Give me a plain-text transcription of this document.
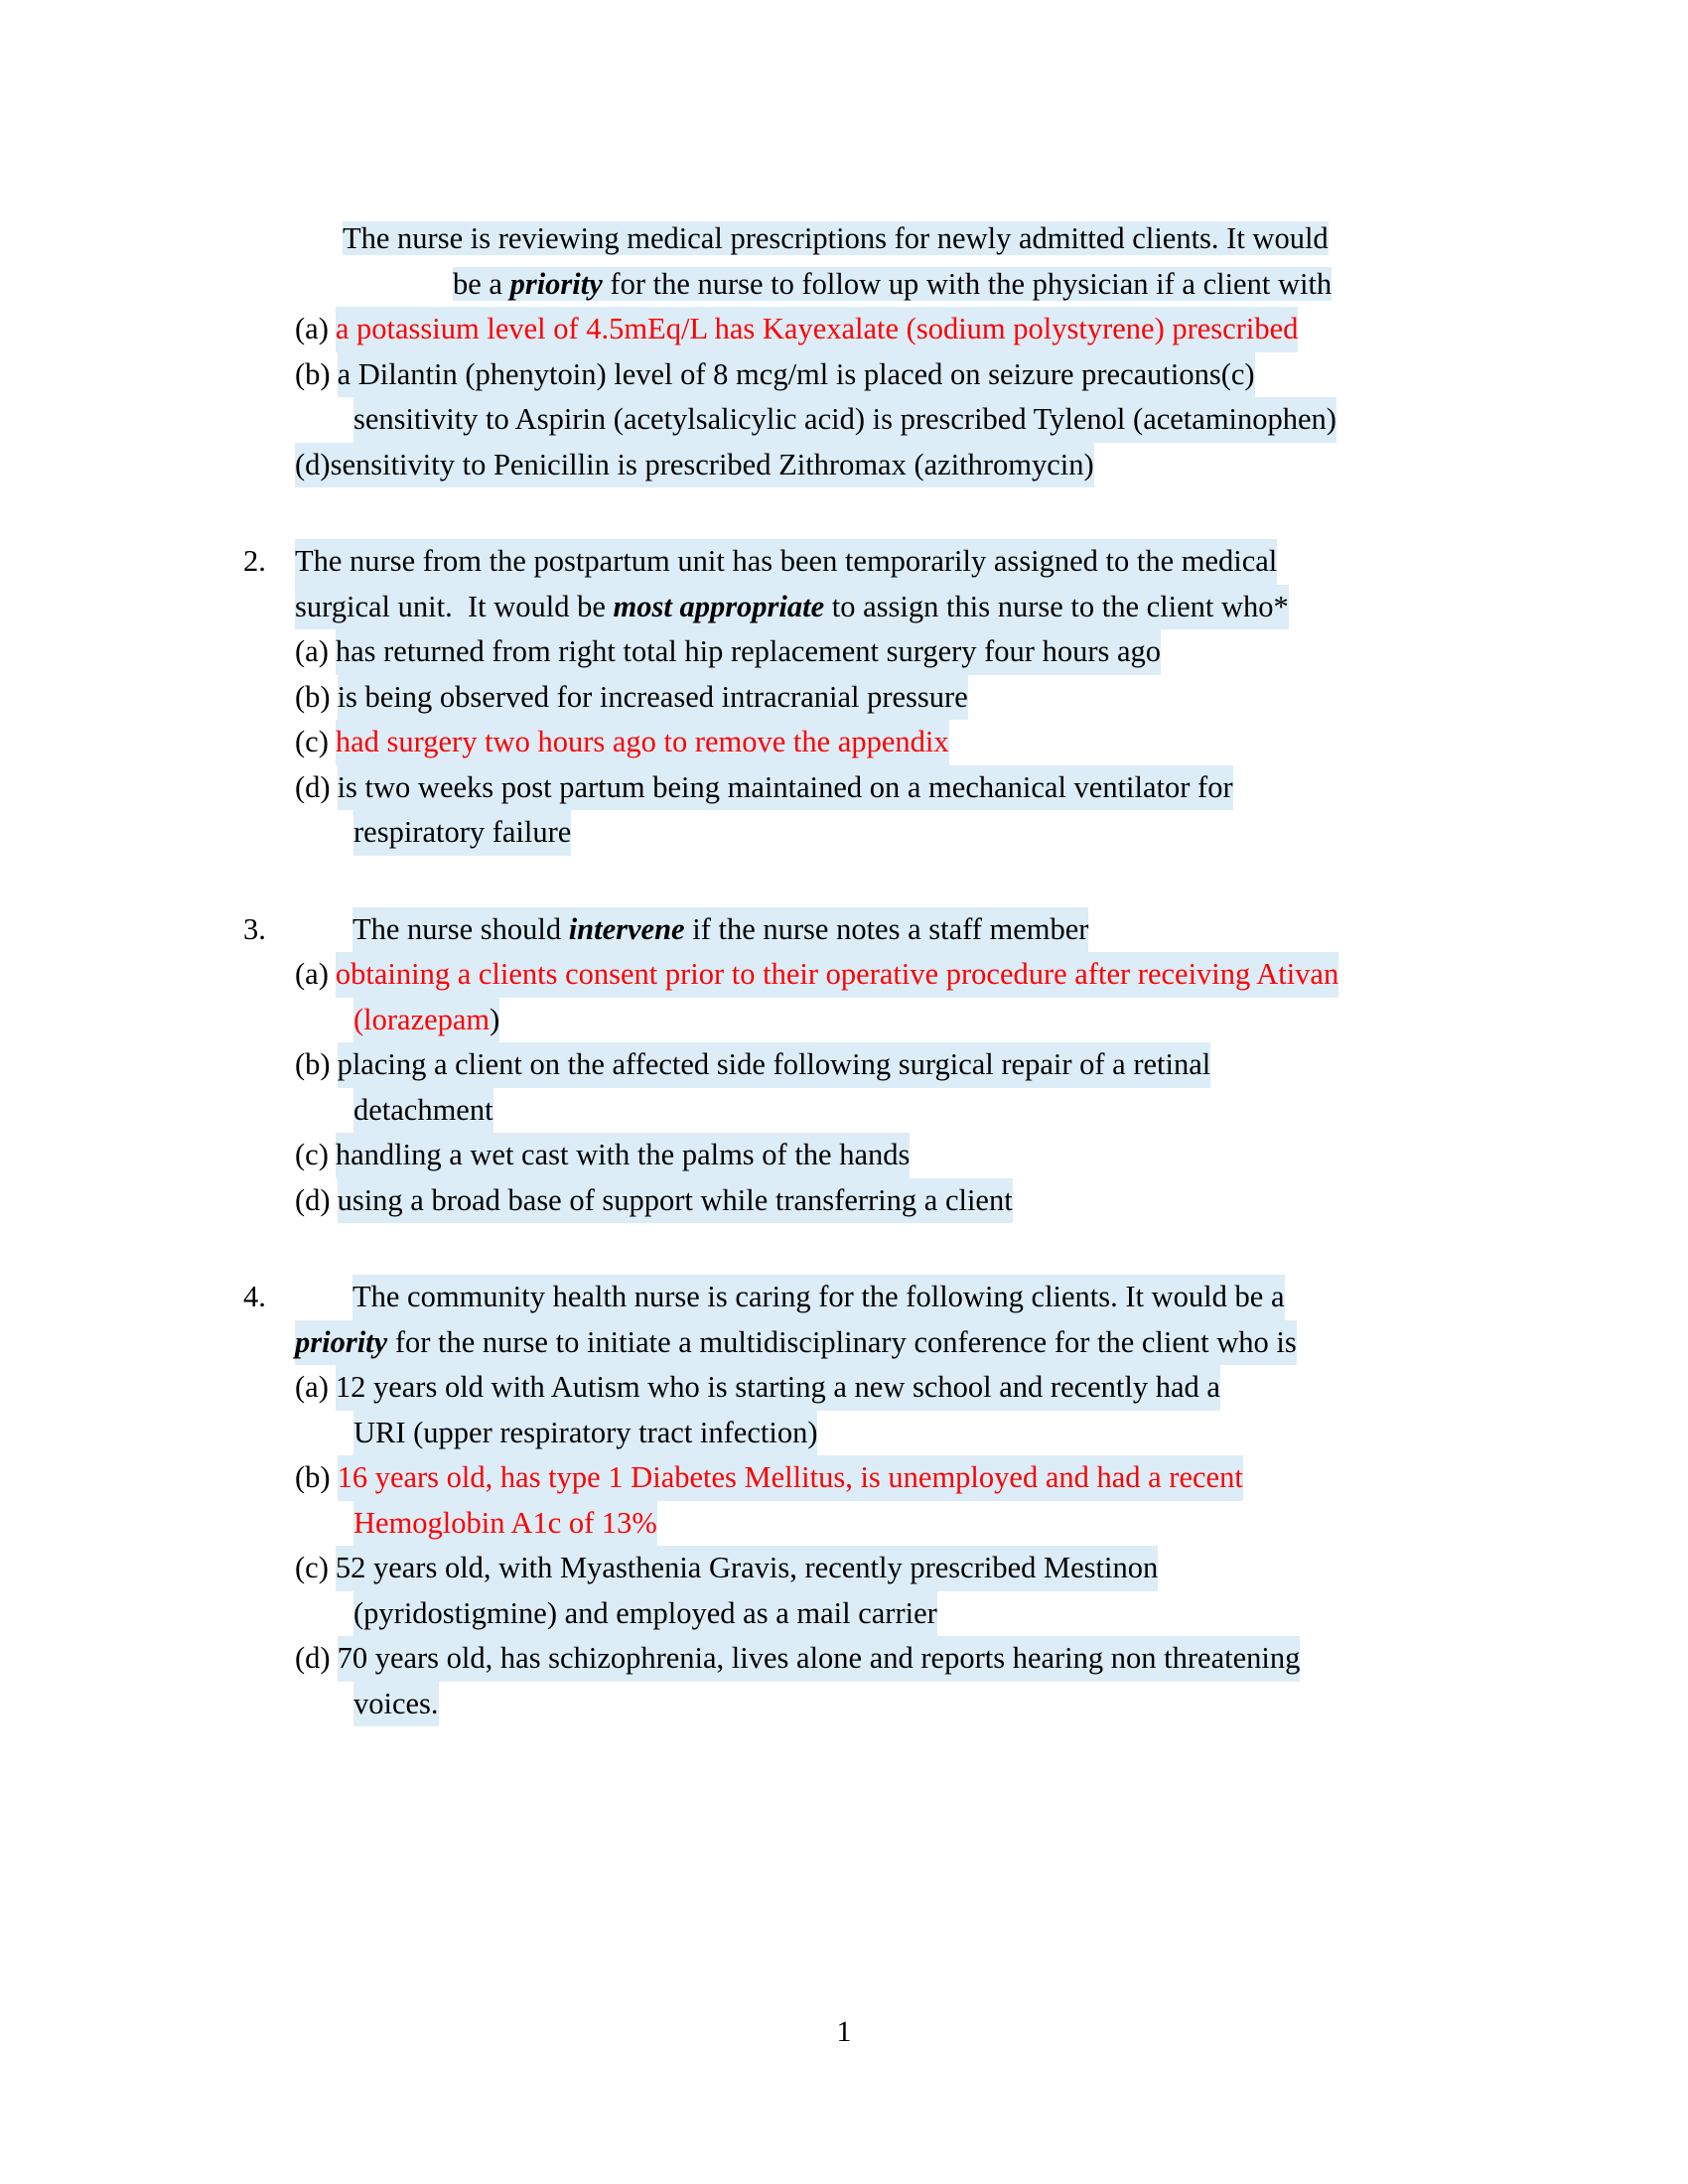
The nurse is reviewing medical prescriptions for newly admitted clients. It would
be a priority for the nurse to follow up with the physician if a client with
(a) a potassium level of 4.5mEq/L has Kayexalate (sodium polystyrene) prescribed
(b) a Dilantin (phenytoin) level of 8 mcg/ml is placed on seizure precautions(c)
sensitivity to Aspirin (acetylsalicylic acid) is prescribed Tylenol (acetaminophen)
(d)sensitivity to Penicillin is prescribed Zithromax (azithromycin)
2. The nurse from the postpartum unit has been temporarily assigned to the medical
surgical unit.  It would be most appropriate to assign this nurse to the client who*
(a) has returned from right total hip replacement surgery four hours ago
(b) is being observed for increased intracranial pressure
(c) had surgery two hours ago to remove the appendix
(d) is two weeks post partum being maintained on a mechanical ventilator for
respiratory failure
3.	The nurse should intervene if the nurse notes a staff member
(a) obtaining a clients consent prior to their operative procedure after receiving Ativan
(lorazepam)
(b) placing a client on the affected side following surgical repair of a retinal
detachment
(c) handling a wet cast with the palms of the hands
(d) using a broad base of support while transferring a client
4.	The community health nurse is caring for the following clients. It would be a
priority for the nurse to initiate a multidisciplinary conference for the client who is
(a) 12 years old with Autism who is starting a new school and recently had a
URI (upper respiratory tract infection)
(b) 16 years old, has type 1 Diabetes Mellitus, is unemployed and had a recent
Hemoglobin A1c of 13%
(c) 52 years old, with Myasthenia Gravis, recently prescribed Mestinon
(pyridostigmine) and employed as a mail carrier
(d) 70 years old, has schizophrenia, lives alone and reports hearing non threatening
voices.
1
